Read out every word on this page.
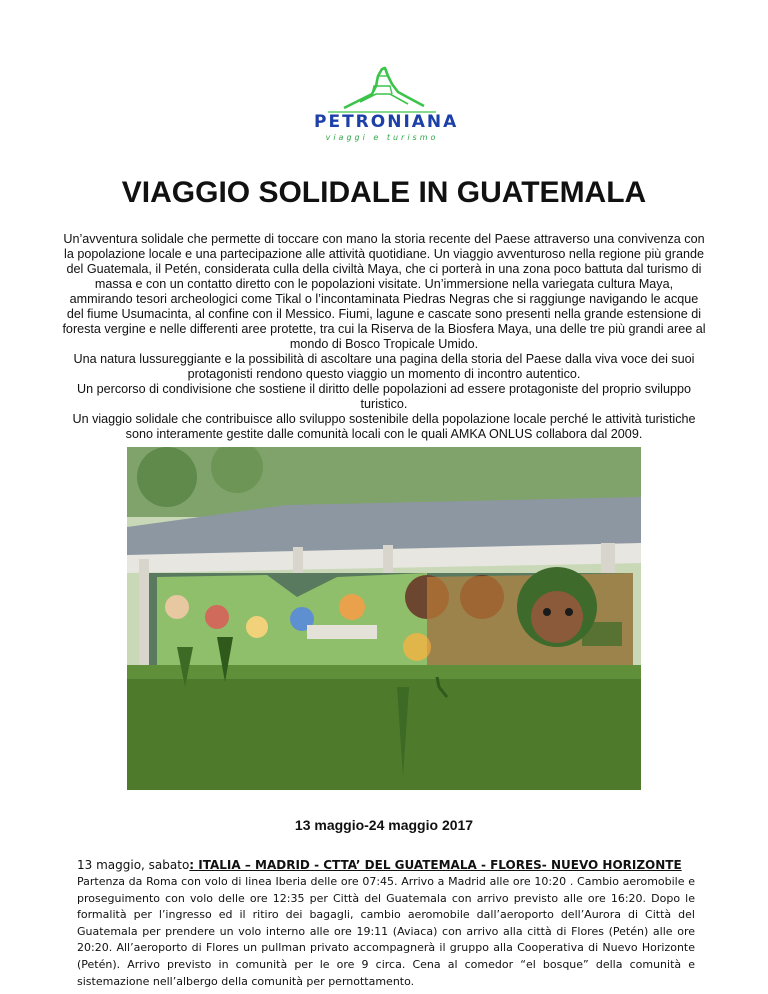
PETRONIANA
viaggi e turismo
VIAGGIO SOLIDALE IN GUATEMALA

Un’avventura solidale che permette di toccare con mano la storia recente del Paese attraverso una convivenza con la popolazione locale e una partecipazione alle attività quotidiane. Un viaggio avventuroso nella regione più grande del Guatemala, il Petén, considerata culla della civiltà Maya, che ci porterà in una zona poco battuta dal turismo di massa e con un contatto diretto con le popolazioni visitate. Un’immersione nella variegata cultura Maya, ammirando tesori archeologici come Tikal o l’incontaminata Piedras Negras che si raggiunge navigando le acque del fiume Usumacinta, al confine con il Messico. Fiumi, lagune e cascate sono presenti nella grande estensione di foresta vergine e nelle differenti aree protette, tra cui la Riserva de la Biosfera Maya, una delle tre più grandi aree al mondo di Bosco Tropicale Umido.

Una natura lussureggiante e la possibilità di ascoltare una pagina della storia del Paese dalla viva voce dei suoi protagonisti rendono questo viaggio un momento di incontro autentico.

Un percorso di condivisione che sostiene il diritto delle popolazioni ad essere protagoniste del proprio sviluppo turistico.

Un viaggio solidale che contribuisce allo sviluppo sostenibile della popolazione locale perché le attività turistiche sono interamente gestite dalle comunità locali con le quali AMKA ONLUS collabora dal 2009.

13 maggio-24 maggio 2017
13 maggio, sabato: ITALIA – MADRID - CTTA’ DEL GUATEMALA - FLORES- NUEVO HORIZONTE
Partenza da Roma con volo di linea Iberia delle ore 07:45. Arrivo a Madrid alle ore 10:20 . Cambio aeromobile e proseguimento con volo delle ore 12:35 per Città del Guatemala con arrivo previsto alle ore 16:20. Dopo le formalità per l’ingresso ed il ritiro dei bagagli, cambio aeromobile dall’aeroporto dell’Aurora di Città del Guatemala per prendere un volo interno alle ore 19:11 (Aviaca) con arrivo alla città di Flores (Petén) alle ore 20:20. All’aeroporto di Flores un pullman privato accompagnerà il gruppo alla Cooperativa di Nuevo Horizonte (Petén). Arrivo previsto in comunità per le ore 9 circa. Cena al comedor “el bosque” della comunità e sistemazione nell’albergo della comunità per pernottamento.
